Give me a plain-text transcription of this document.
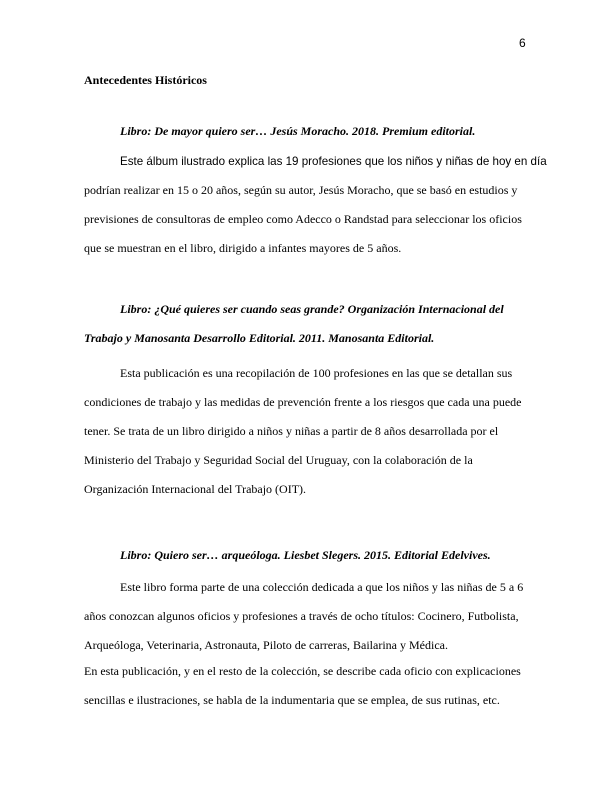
6
Antecedentes Históricos
Libro: De mayor quiero ser… Jesús Moracho. 2018. Premium editorial.
Este álbum ilustrado explica las 19 profesiones que los niños y niñas de hoy en día
podrían realizar en 15 o 20 años, según su autor, Jesús Moracho, que se basó en estudios y
previsiones de consultoras de empleo como Adecco o Randstad para seleccionar los oficios
que se muestran en el libro, dirigido a infantes mayores de 5 años.
Libro: ¿Qué quieres ser cuando seas grande? Organización Internacional del
Trabajo y Manosanta Desarrollo Editorial. 2011. Manosanta Editorial.
Esta publicación es una recopilación de 100 profesiones en las que se detallan sus
condiciones de trabajo y las medidas de prevención frente a los riesgos que cada una puede
tener. Se trata de un libro dirigido a niños y niñas a partir de 8 años desarrollada por el
Ministerio del Trabajo y Seguridad Social del Uruguay, con la colaboración de la
Organización Internacional del Trabajo (OIT).
Libro: Quiero ser… arqueóloga. Liesbet Slegers. 2015. Editorial Edelvives.
Este libro forma parte de una colección dedicada a que los niños y las niñas de 5 a 6
años conozcan algunos oficios y profesiones a través de ocho títulos: Cocinero, Futbolista,
Arqueóloga, Veterinaria, Astronauta, Piloto de carreras, Bailarina y Médica.
En esta publicación, y en el resto de la colección, se describe cada oficio con explicaciones
sencillas e ilustraciones, se habla de la indumentaria que se emplea, de sus rutinas, etc.
